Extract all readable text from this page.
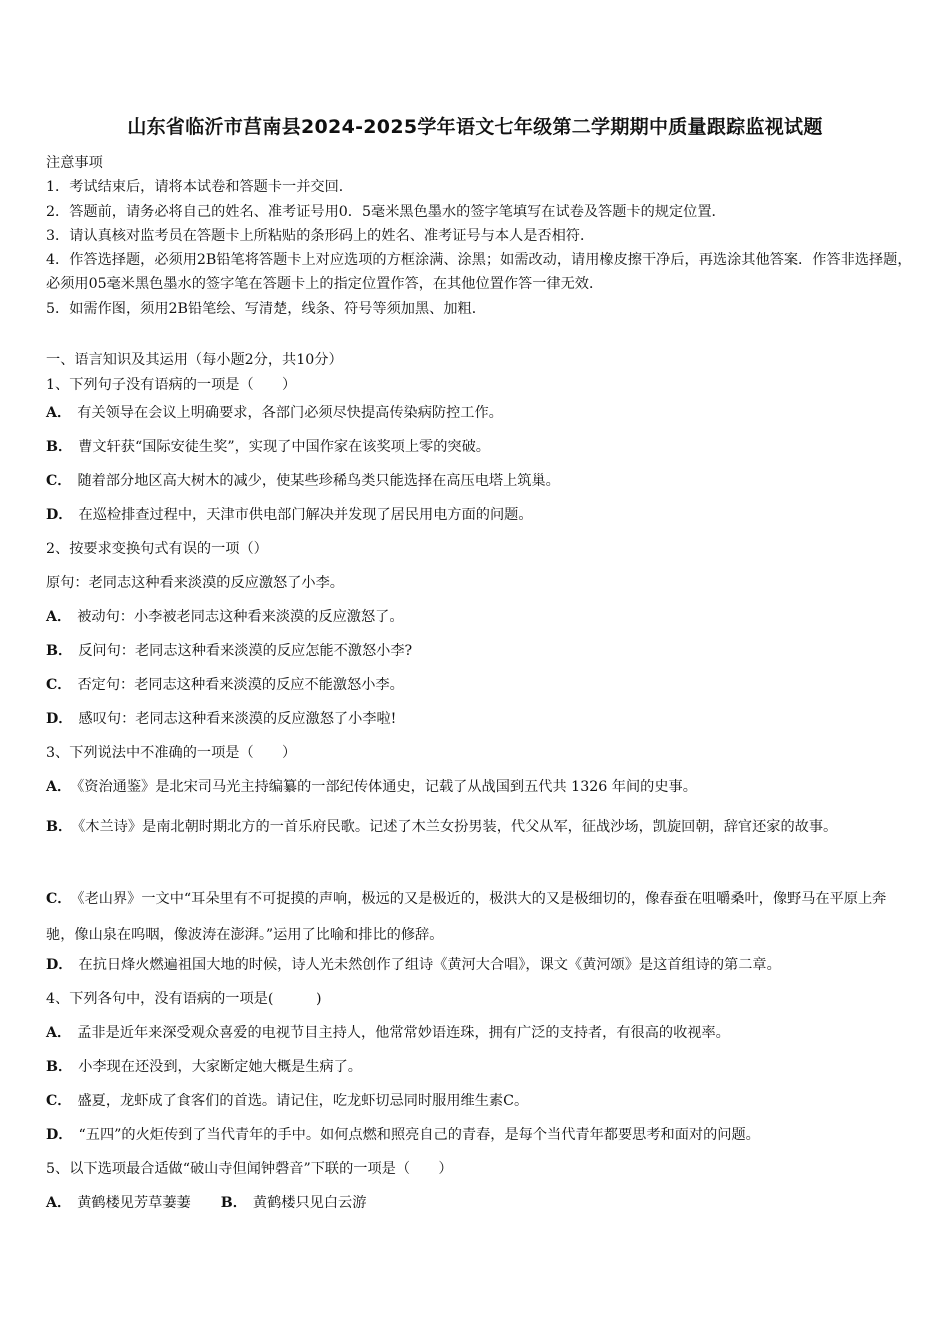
山东省临沂市莒南县2024-2025学年语文七年级第二学期期中质量跟踪监视试题
注意事项
1．考试结束后，请将本试卷和答题卡一并交回．
2．答题前，请务必将自己的姓名、准考证号用0．5毫米黑色墨水的签字笔填写在试卷及答题卡的规定位置．
3．请认真核对监考员在答题卡上所粘贴的条形码上的姓名、准考证号与本人是否相符．
4．作答选择题，必须用2B铅笔将答题卡上对应选项的方框涂满、涂黑；如需改动，请用橡皮擦干净后，再选涂其他答案．作答非选择题，必须用05毫米黑色墨水的签字笔在答题卡上的指定位置作答，在其他位置作答一律无效．
5．如需作图，须用2B铅笔绘、写清楚，线条、符号等须加黑、加粗．
一、语言知识及其运用（每小题2分，共10分）
1、下列句子没有语病的一项是（　　）
A． 有关领导在会议上明确要求，各部门必须尽快提高传染病防控工作。
B． 曹文轩获“国际安徒生奖”，实现了中国作家在该奖项上零的突破。
C． 随着部分地区高大树木的减少，使某些珍稀鸟类只能选择在高压电塔上筑巢。
D． 在巡检排查过程中，天津市供电部门解决并发现了居民用电方面的问题。
2、按要求变换句式有误的一项（）
原句：老同志这种看来淡漠的反应激怒了小李。
A． 被动句：小李被老同志这种看来淡漠的反应激怒了。
B． 反问句：老同志这种看来淡漠的反应怎能不激怒小李?
C． 否定句：老同志这种看来淡漠的反应不能激怒小李。
D． 感叹句：老同志这种看来淡漠的反应激怒了小李啦!
3、下列说法中不准确的一项是（　　）
A． 《资治通鉴》是北宋司马光主持编纂的一部纪传体通史，记载了从战国到五代共 1326 年间的史事。
B． 《木兰诗》是南北朝时期北方的一首乐府民歌。记述了木兰女扮男装，代父从军，征战沙场，凯旋回朝，辞官还家的故事。
C． 《老山界》一文中“耳朵里有不可捉摸的声响，极远的又是极近的，极洪大的又是极细切的，像春蚕在咀嚼桑叶，像野马在平原上奔驰，像山泉在呜咽，像波涛在澎湃。”运用了比喻和排比的修辞。
D． 在抗日烽火燃遍祖国大地的时候，诗人光未然创作了组诗《黄河大合唱》，课文《黄河颂》是这首组诗的第二章。
4、下列各句中，没有语病的一项是(　　　)
A． 孟非是近年来深受观众喜爱的电视节目主持人，他常常妙语连珠，拥有广泛的支持者，有很高的收视率。
B． 小李现在还没到，大家断定她大概是生病了。
C． 盛夏，龙虾成了食客们的首选。请记住，吃龙虾切忌同时服用维生素C。
D． “五四”的火炬传到了当代青年的手中。如何点燃和照亮自己的青春，是每个当代青年都要思考和面对的问题。
5、以下选项最合适做“破山寺但闻钟磬音”下联的一项是（　　）
A． 黄鹤楼见芳草萋萋 B． 黄鹤楼只见白云游
